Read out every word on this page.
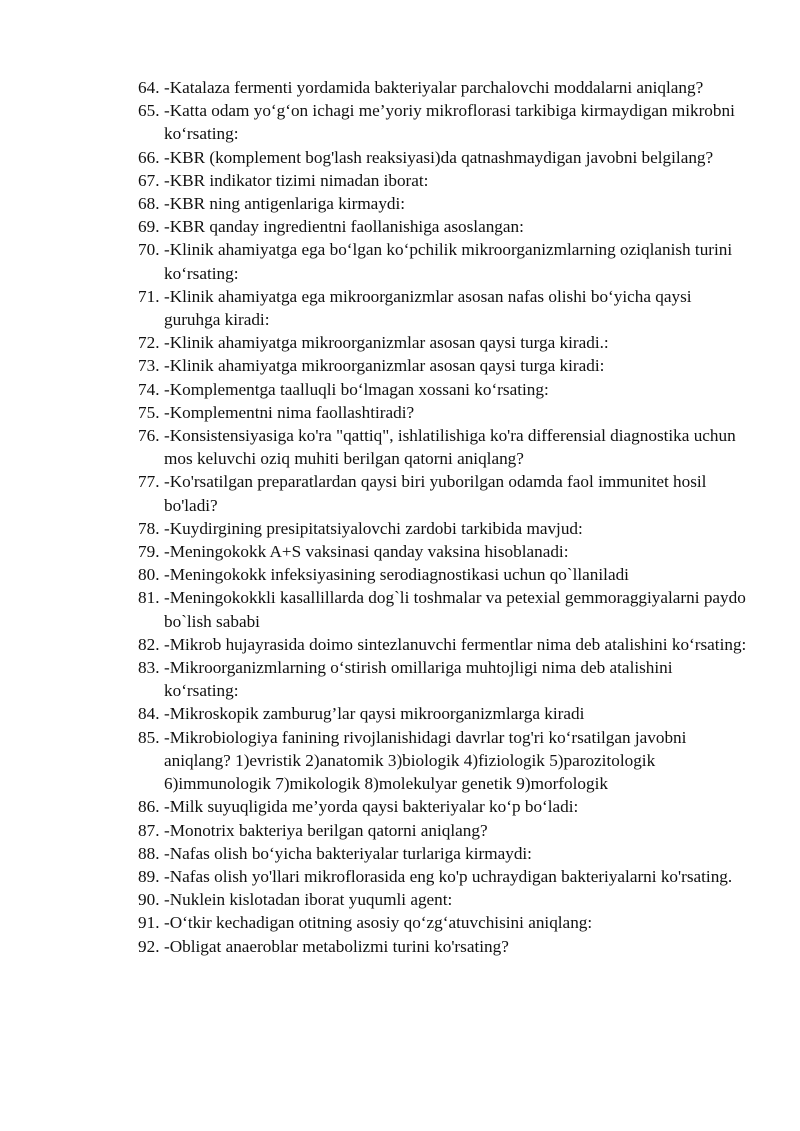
64. -Katalaza fermenti yordamida bakteriyalar parchalovchi moddalarni aniqlang?
65. -Katta odam yo‘g‘on ichagi me’yoriy mikroflorasi tarkibiga kirmaydigan mikrobni ko‘rsating:
66. -KBR (komplement bog'lash reaksiyasi)da qatnashmaydigan javobni belgilang?
67. -KBR indikator tizimi nimadan iborat:
68. -KBR ning antigenlariga kirmaydi:
69. -KBR qanday ingredientni faollanishiga asoslangan:
70. -Klinik ahamiyatga ega bo‘lgan ko‘pchilik mikroorganizmlarning oziqlanish turini ko‘rsating:
71. -Klinik ahamiyatga ega mikroorganizmlar asosan nafas olishi bo‘yicha qaysi guruhga kiradi:
72. -Klinik ahamiyatga mikroorganizmlar asosan qaysi turga kiradi.:
73. -Klinik ahamiyatga mikroorganizmlar asosan qaysi turga kiradi:
74. -Komplementga taalluqli bo‘lmagan xossani ko‘rsating:
75. -Komplementni nima faollashtiradi?
76. -Konsistensiyasiga ko'ra "qattiq", ishlatilishiga ko'ra differensial diagnostika uchun mos keluvchi oziq muhiti berilgan qatorni aniqlang?
77. -Ko'rsatilgan preparatlardan qaysi biri yuborilgan odamda faol immunitet hosil bo'ladi?
78. -Kuydirgining presipitatsiyalovchi zardobi tarkibida mavjud:
79. -Meningokokk A+S vaksinasi qanday vaksina hisoblanadi:
80. -Meningokokk infeksiyasining serodiagnostikasi uchun qo`llaniladi
81. -Meningokokkli kasallillarda dog`li toshmalar va petexial gemmoraggiyalarni paydo bo`lish sababi
82. -Mikrob hujayrasida doimo sintezlanuvchi fermentlar nima deb atalishini ko‘rsating:
83. -Mikroorganizmlarning o‘stirish omillariga muhtojligi nima deb atalishini ko‘rsating:
84. -Mikroskopik zamburug’lar qaysi mikroorganizmlarga kiradi
85. -Mikrobiologiya fanining rivojlanishidagi davrlar tog'ri ko‘rsatilgan javobni aniqlang? 1)evristik 2)anatomik 3)biologik 4)fiziologik 5)parozitologik 6)immunologik 7)mikologik 8)molekulyar genetik 9)morfologik
86. -Milk suyuqligida me’yorda qaysi bakteriyalar ko‘p bo‘ladi:
87. -Monotrix bakteriya berilgan qatorni aniqlang?
88. -Nafas olish bo‘yicha bakteriyalar turlariga kirmaydi:
89. -Nafas olish yo'llari mikroflorasida eng ko'p uchraydigan bakteriyalarni ko'rsating.
90. -Nuklein kislotadan iborat yuqumli agent:
91. -O‘tkir kechadigan otitning asosiy qo‘zg‘atuvchisini aniqlang:
92. -Obligat anaeroblar metabolizmi turini ko'rsating?
